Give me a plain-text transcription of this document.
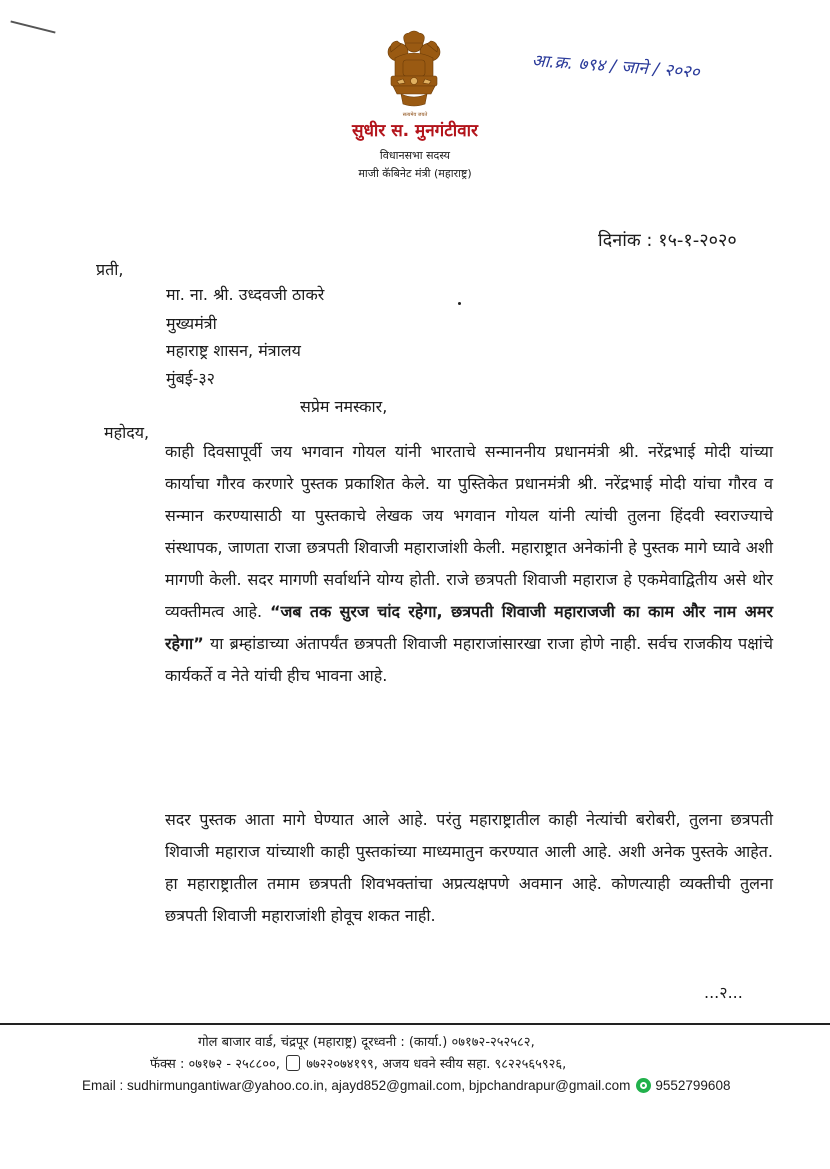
सत्यमेव जयते
सुधीर स. मुनगंटीवार
विधानसभा सदस्य
माजी कॅबिनेट मंत्री (महाराष्ट्र)
आ.क्र. ७९४ / जाने / २०२०
दिनांक : १५-१-२०२०
प्रती,
मा. ना. श्री. उध्दवजी ठाकरे
मुख्यमंत्री
महाराष्ट्र शासन, मंत्रालय
मुंबई-३२
सप्रेम नमस्कार,
महोदय,
काही दिवसापूर्वी जय भगवान गोयल यांनी भारताचे सन्माननीय प्रधानमंत्री श्री. नरेंद्रभाई मोदी यांच्या कार्याचा गौरव करणारे पुस्तक प्रकाशित केले. या पुस्तिकेत प्रधानमंत्री श्री. नरेंद्रभाई मोदी यांचा गौरव व सन्मान करण्यासाठी या पुस्तकाचे लेखक जय भगवान गोयल यांनी त्यांची तुलना हिंदवी स्वराज्याचे संस्थापक, जाणता राजा छत्रपती शिवाजी महाराजांशी केली. महाराष्ट्रात अनेकांनी हे पुस्तक मागे घ्यावे अशी मागणी केली. सदर मागणी सर्वार्थाने योग्य होती. राजे छत्रपती शिवाजी महाराज हे एकमेवाद्वितीय असे थोर व्यक्तीमत्व आहे. “जब तक सुरज चांद रहेगा, छत्रपती शिवाजी महाराजजी का काम और नाम अमर रहेगा” या ब्रम्हांडाच्या अंतापर्यंत छत्रपती शिवाजी महाराजांसारखा राजा होणे नाही. सर्वच राजकीय पक्षांचे कार्यकर्ते व नेते यांची हीच भावना आहे.
सदर पुस्तक आता मागे घेण्यात आले आहे. परंतु महाराष्ट्रातील काही नेत्यांची बरोबरी, तुलना छत्रपती शिवाजी महाराज यांच्याशी काही पुस्तकांच्या माध्यमातुन करण्यात आली आहे. अशी अनेक पुस्तके आहेत. हा महाराष्ट्रातील तमाम छत्रपती शिवभक्तांचा अप्रत्यक्षपणे अवमान आहे. कोणत्याही व्यक्तीची तुलना छत्रपती शिवाजी महाराजांशी होवूच शकत नाही.
...२...
गोल बाजार वार्ड, चंद्रपूर (महाराष्ट्र) दूरध्वनी : (कार्या.) ०७१७२-२५२५८२,
फॅक्स : ०७१७२ - २५८८००, ७७२२०७४१९९, अजय धवने स्वीय सहा. ९८२२५६५९२६,
Email : sudhirmungantiwar@yahoo.co.in, ajayd852@gmail.com, bjpchandrapur@gmail.com 9552799608
